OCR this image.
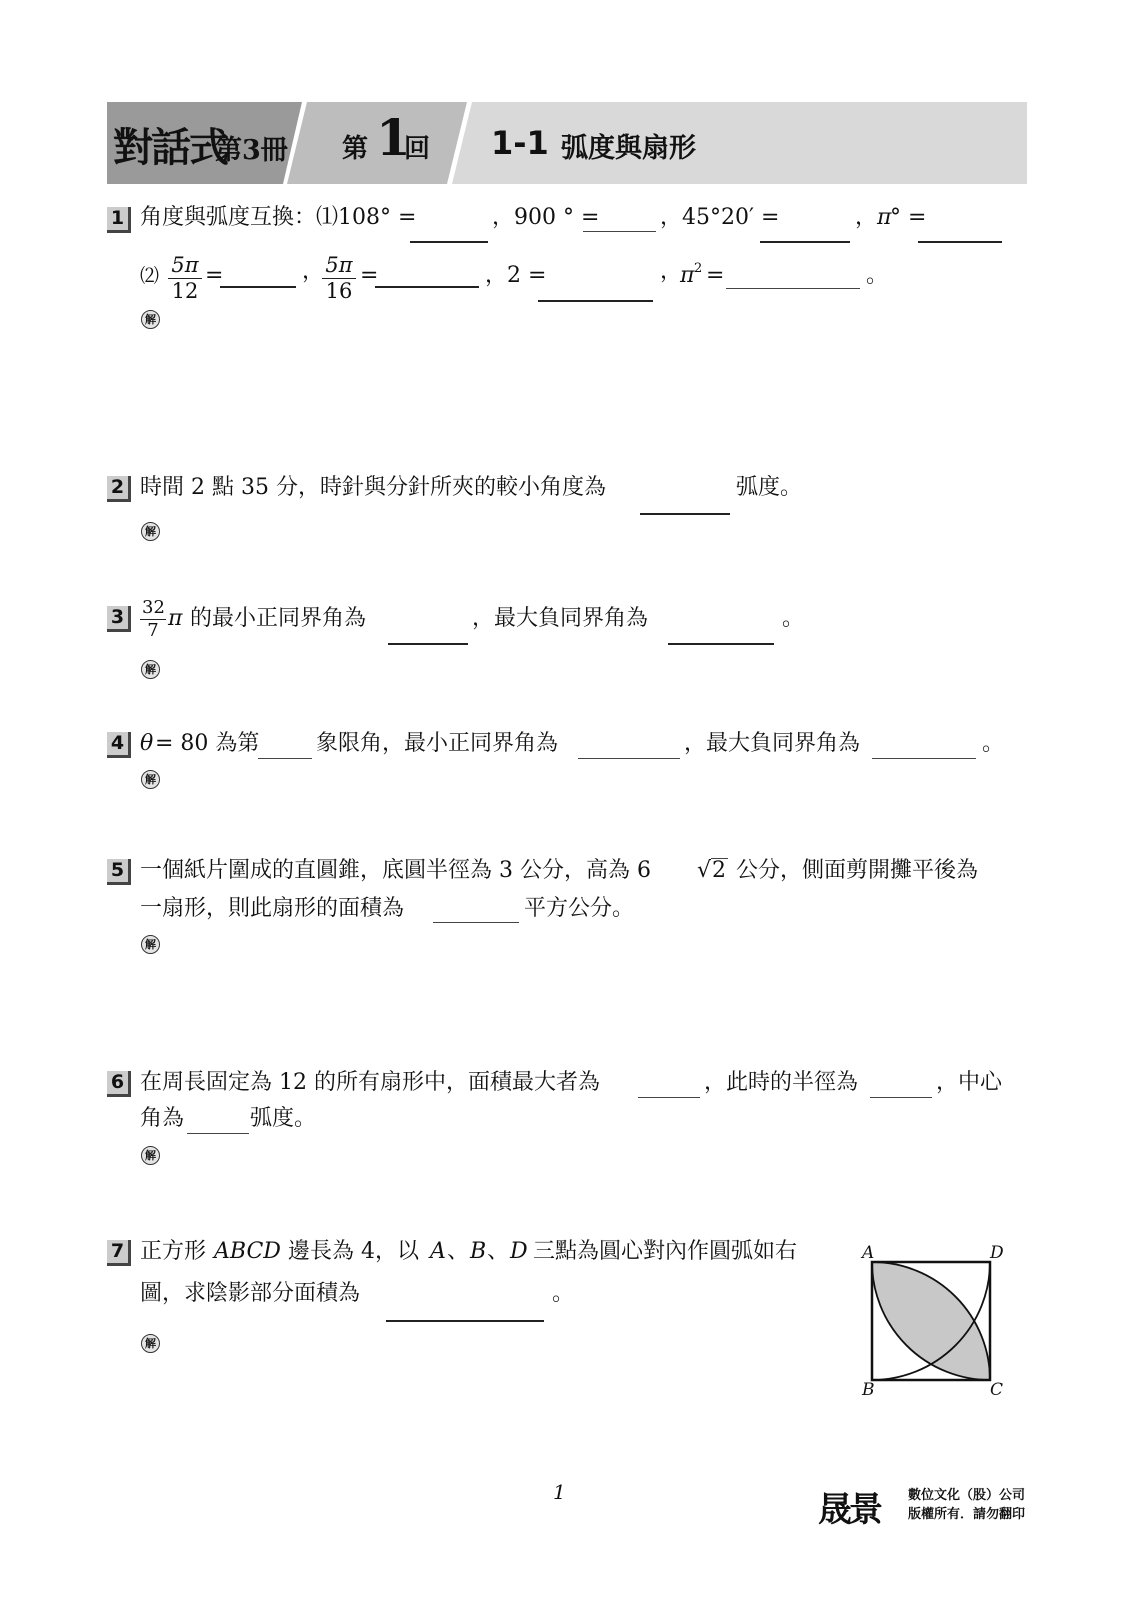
對話式
第3冊 第 1
回 1-1 弧度與扇形
1 角度與弧度互換：⑴108° =	，900 ° =	，45°20′ =	， π
° =
⑵ $\frac{5\pi}{12}$ =	，
$\frac{5\pi}{16}$ =	，2 =	，
π 2 =	。
解
2 時間 2 點 35 分，時針與分針所夾的較小角度為	弧度。
解
$3 \frac{32}{7}$ π 的最小正同界角為	，最大負同界角為	。
解
4 θ = 80 為第	象限角，最小正同界角為	，最大負同界角為	。
解
5 一個紙片圍成的直圓錐，底圓半徑為 3 公分，高為 6 √ 2 公分，側面剪開攤平後為
一扇形，則此扇形的面積為	平方公分。
解
6 在周長固定為 12 的所有扇形中，面積最大者為	，此時的半徑為	，中心
角為	弧度。
解
7 正方形 ABCD 邊長為 4，以 A 、 B 、 D 三點為圓心對內作圓弧如右
圖，求陰影部分面積為	。
解
A	D
B	C
1	晟景 數位文化（股）公司
版權所有．請勿翻印
